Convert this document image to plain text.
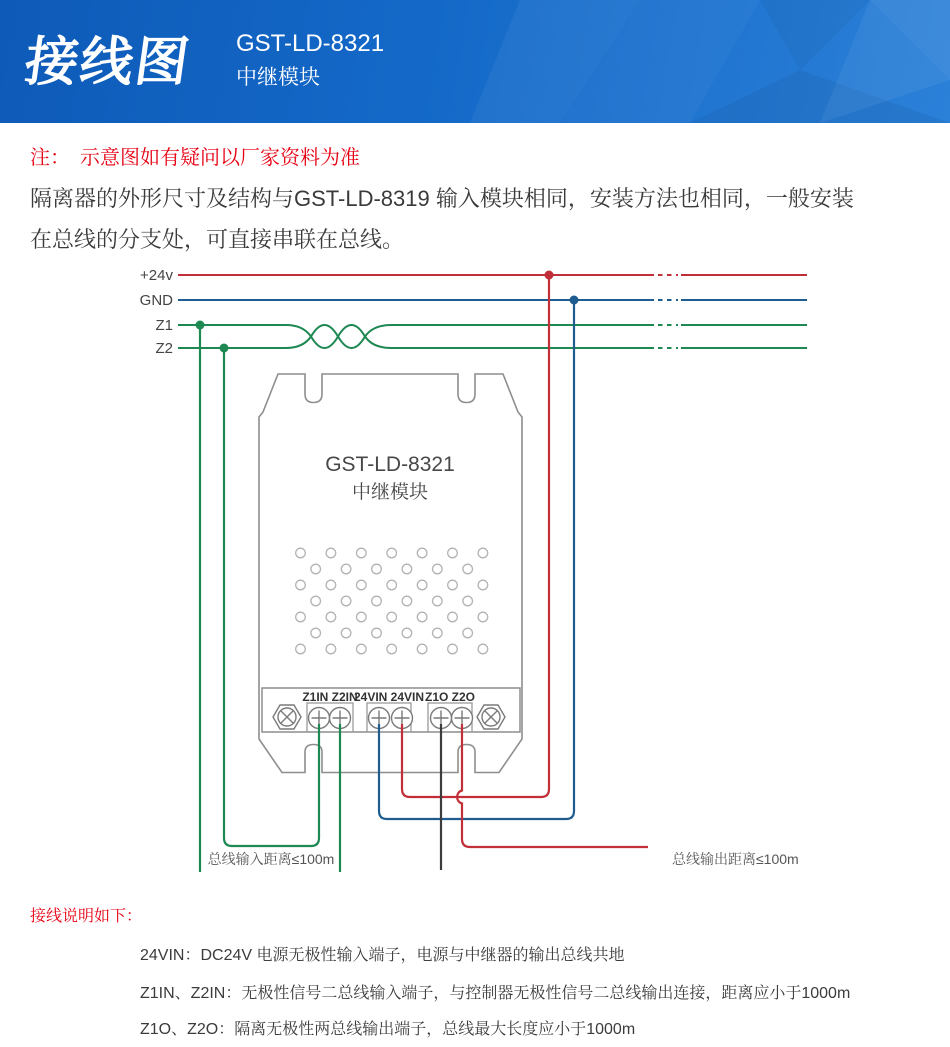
接线图 GST-LD-8321
中继模块
注：　示意图如有疑问以厂家资料为准
隔离器的外形尺寸及结构与GST-LD-8319 输入模块相同，安装方法也相同，一般安装
在总线的分支处，可直接串联在总线。
+24v
GND
Z1
Z2
GST-LD-8321
中继模块
Z1IN Z2IN
24VIN 24VIN Z1O Z2O
总线输入距离≤100m	总线输出距离≤100m
接线说明如下：
24VIN：DC24V 电源无极性输入端子，电源与中继器的输出总线共地
Z1IN、Z2IN：无极性信号二总线输入端子，与控制器无极性信号二总线输出连接，距离应小于1000m
Z1O、Z2O：隔离无极性两总线输出端子，总线最大长度应小于1000m
